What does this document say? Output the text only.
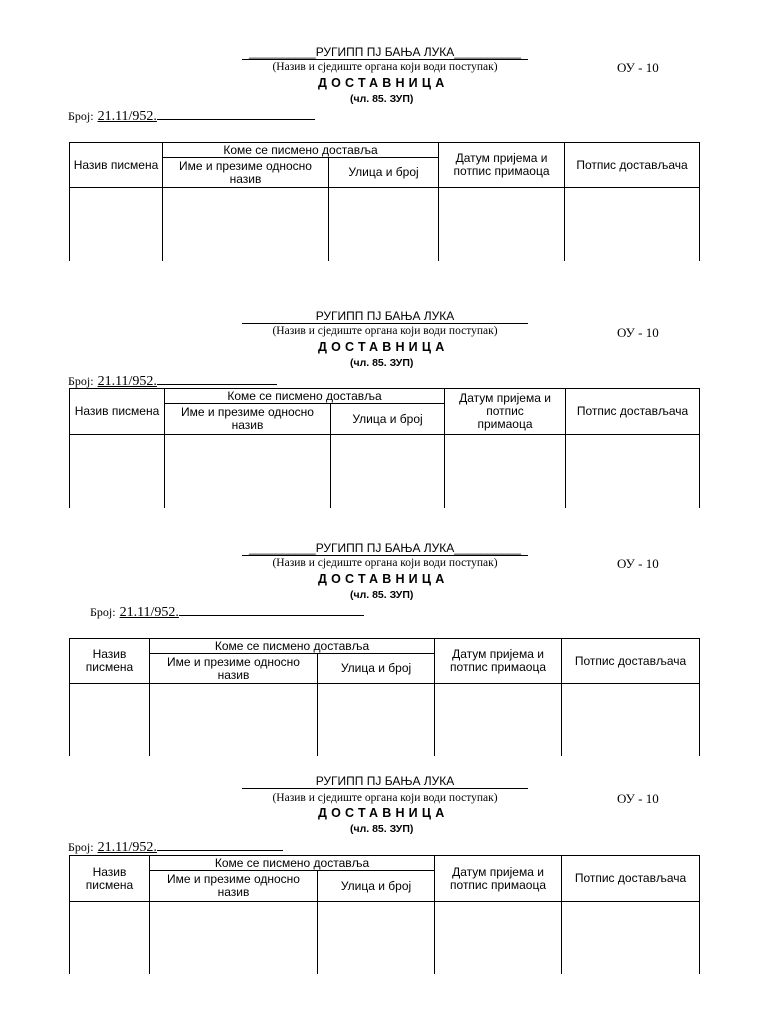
__________РУГИПП ПЈ БАЊА ЛУКА__________
(Назив и сједиште органа који води поступак)	ОУ - 10
ДОСТАВНИЦА
(чл. 85. ЗУП)
Број: 21.11/952.
Назив писмена	Коме се писмено доставља		Датум пријема и потпис примаоца	Потпис достављача
	Име и презиме односно назив	Улица и број		

РУГИПП ПЈ БАЊА ЛУКА
(Назив и сједиште органа који води поступак)	ОУ - 10
ДОСТАВНИЦА
(чл. 85. ЗУП)
Број: 21.11/952.
Назив писмена	Коме се писмено доставља		Датум пријема и потпис примаоца	Потпис достављача
	Име и презиме односно назив	Улица и број		

__________РУГИПП ПЈ БАЊА ЛУКА__________
(Назив и сједиште органа који води поступак)	ОУ - 10
ДОСТАВНИЦА
(чл. 85. ЗУП)
Број: 21.11/952.
Назив писмена	Коме се писмено доставља		Датум пријема и потпис примаоца	Потпис достављача
	Име и презиме односно назив	Улица и број		

РУГИПП ПЈ БАЊА ЛУКА
(Назив и сједиште органа који води поступак)	ОУ - 10
ДОСТАВНИЦА
(чл. 85. ЗУП)
Број: 21.11/952.
Назив писмена	Коме се писмено доставља		Датум пријема и потпис примаоца	Потпис достављача
	Име и презиме односно назив	Улица и број		
